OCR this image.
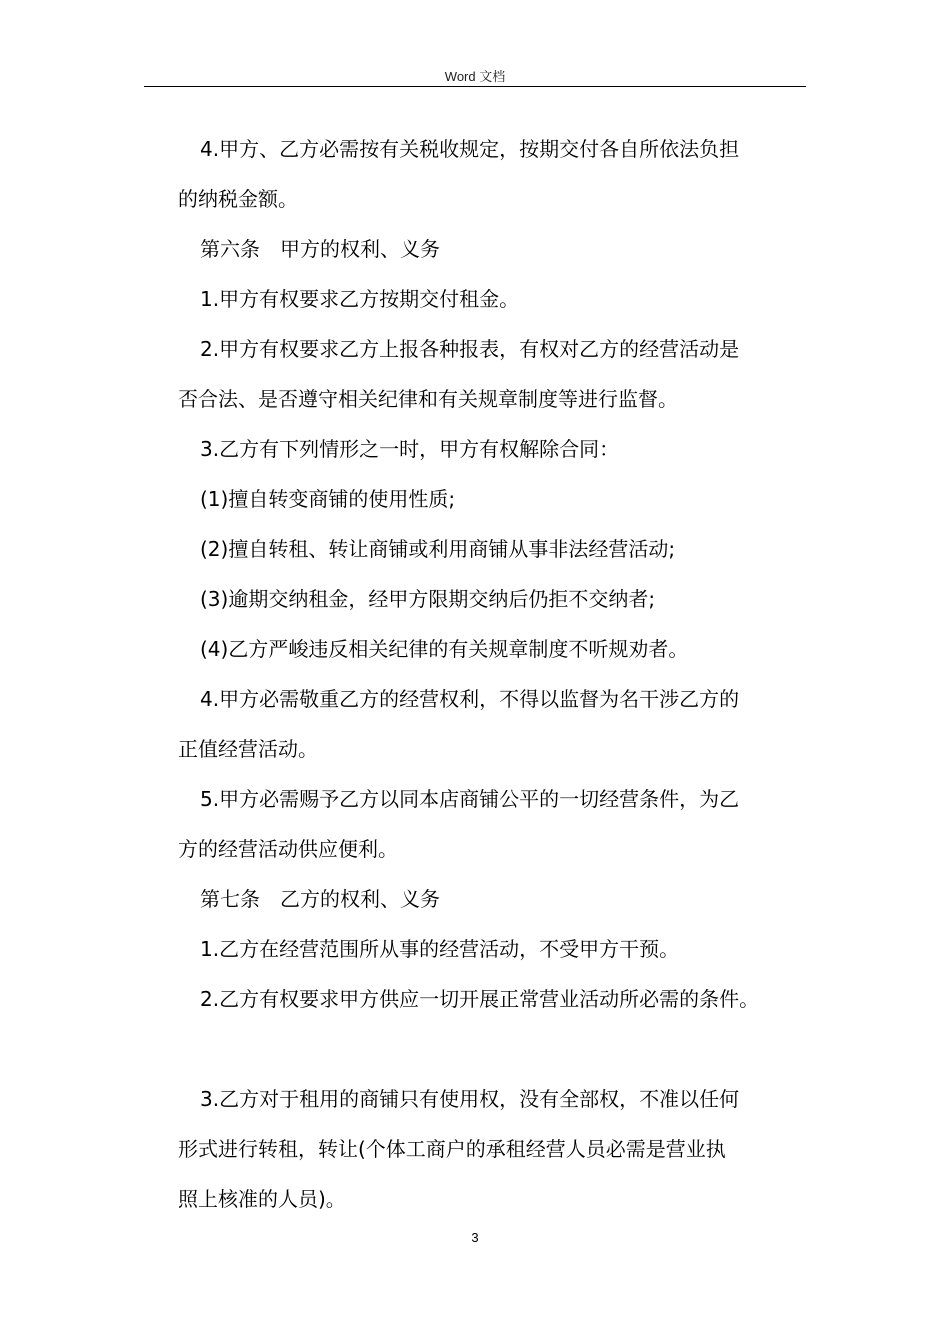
Word 文档

4.甲方、乙方必需按有关税收规定，按期交付各自所依法负担

的纳税金额。

第六条　甲方的权利、义务

1.甲方有权要求乙方按期交付租金。

2.甲方有权要求乙方上报各种报表，有权对乙方的经营活动是

否合法、是否遵守相关纪律和有关规章制度等进行监督。

3.乙方有下列情形之一时，甲方有权解除合同：

(1)擅自转变商铺的使用性质;

(2)擅自转租、转让商铺或利用商铺从事非法经营活动;

(3)逾期交纳租金，经甲方限期交纳后仍拒不交纳者;

(4)乙方严峻违反相关纪律的有关规章制度不听规劝者。

4.甲方必需敬重乙方的经营权利，不得以监督为名干涉乙方的

正值经营活动。

5.甲方必需赐予乙方以同本店商铺公平的一切经营条件，为乙

方的经营活动供应便利。

第七条　乙方的权利、义务

1.乙方在经营范围所从事的经营活动，不受甲方干预。

2.乙方有权要求甲方供应一切开展正常营业活动所必需的条件。

3.乙方对于租用的商铺只有使用权，没有全部权，不准以任何

形式进行转租，转让(个体工商户的承租经营人员必需是营业执

照上核准的人员)。

3
